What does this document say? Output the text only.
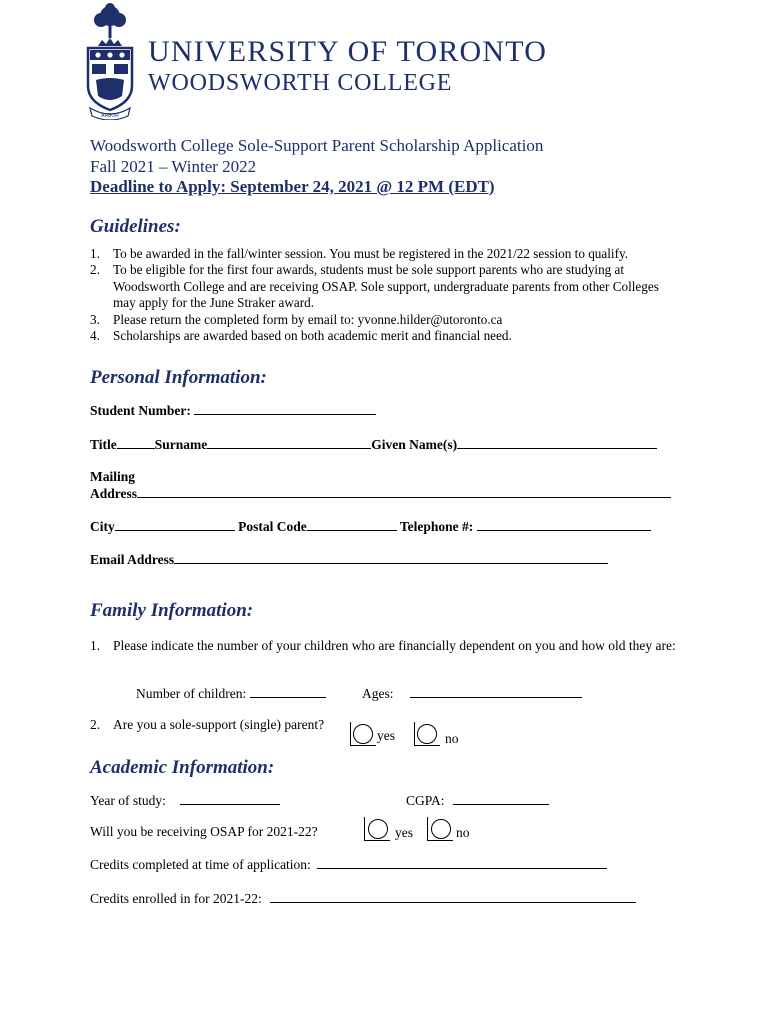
ARBOR
UNIVERSITY OF TORONTO
WOODSWORTH COLLEGE
Woodsworth College Sole-Support Parent Scholarship Application
Fall 2021 – Winter 2022
Deadline to Apply: September 24, 2021 @ 12 PM (EDT)
Guidelines:
1. To be awarded in the fall/winter session. You must be registered in the 2021/22 session to qualify.
2. To be eligible for the first four awards, students must be sole support parents who are studying at Woodsworth College and are receiving OSAP. Sole support, undergraduate parents from other Colleges may apply for the June Straker award.
3. Please return the completed form by email to: yvonne.hilder@utoronto.ca
4. Scholarships are awarded based on both academic merit and financial need.
Personal Information:
Student Number:
Title	Surname	Given Name(s)
Mailing
Address
City	Postal Code	Telephone #:
Email Address
Family Information:
1. Please indicate the number of your children who are financially dependent on you and how old they are:
Number of children:	Ages:
2. Are you a sole-support (single) parent?
yes	no
Academic Information:
Year of study:	CGPA:
Will you be receiving OSAP for 2021-22?	yes	no
Credits completed at time of application:
Credits enrolled in for 2021-22:
